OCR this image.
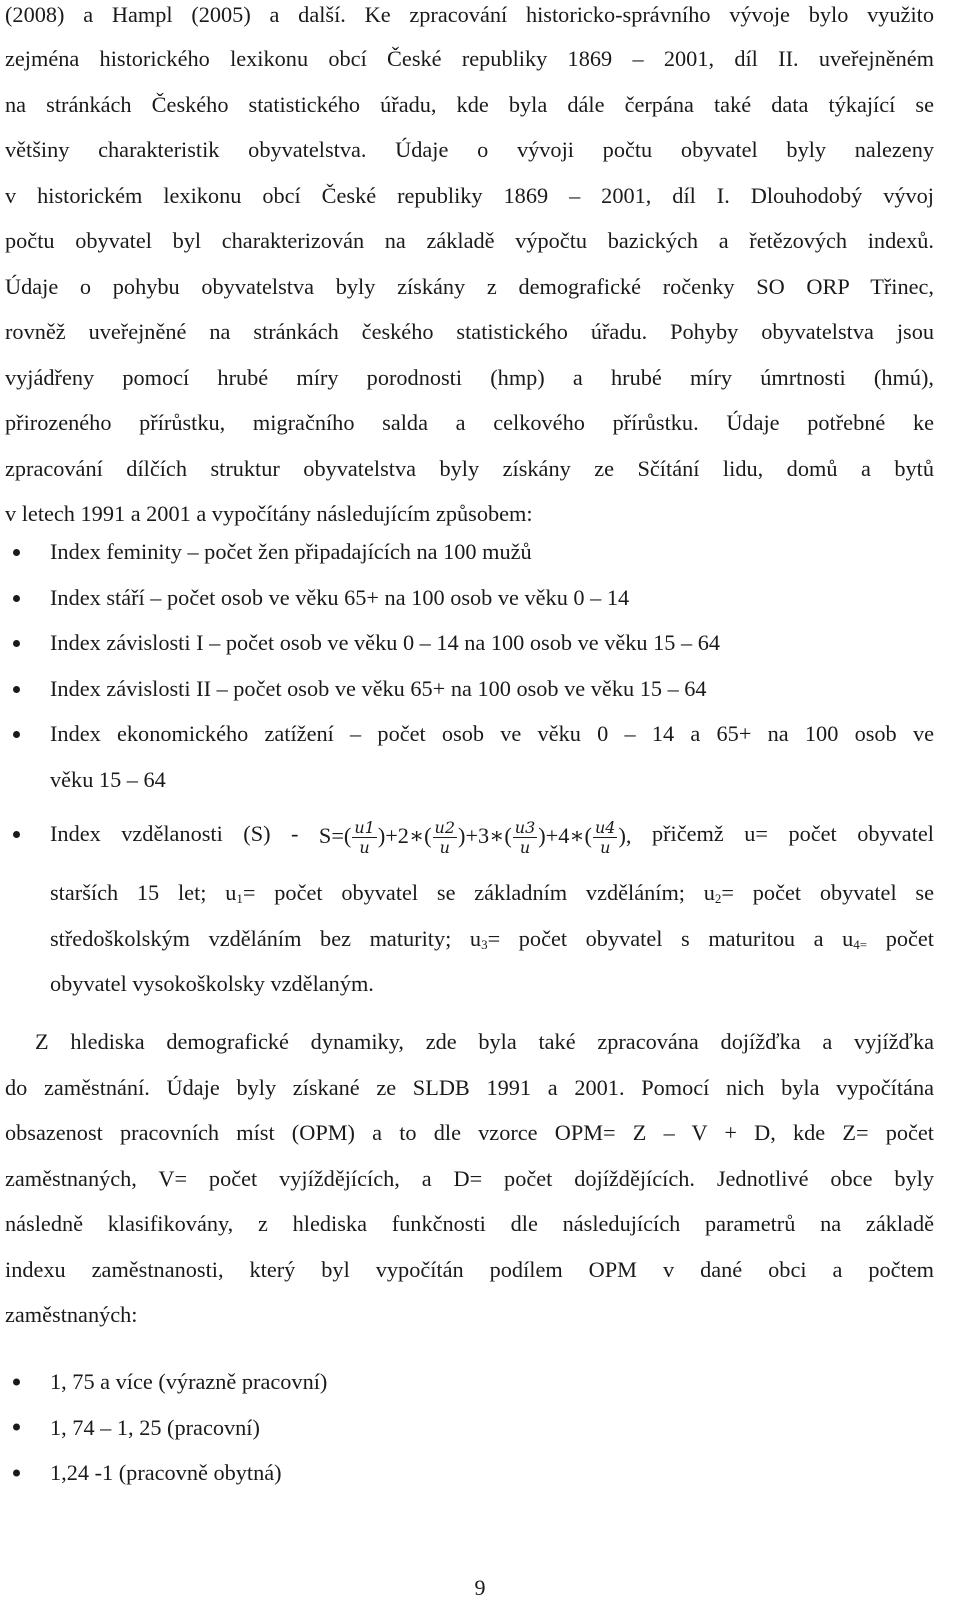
(2008) a Hampl (2005) a další. Ke zpracování historicko-správního vývoje bylo využito
zejména historického lexikonu obcí České republiky 1869 – 2001, díl II. uveřejněném
na stránkách Českého statistického úřadu, kde byla dále čerpána také data týkající se
většiny charakteristik obyvatelstva. Údaje o vývoji počtu obyvatel byly nalezeny
v historickém lexikonu obcí České republiky 1869 – 2001, díl I. Dlouhodobý vývoj
počtu obyvatel byl charakterizován na základě výpočtu bazických a řetězových indexů.
Údaje o pohybu obyvatelstva byly získány z demografické ročenky SO ORP Třinec,
rovněž uveřejněné na stránkách českého statistického úřadu. Pohyby obyvatelstva jsou
vyjádřeny pomocí hrubé míry porodnosti (hmp) a hrubé míry úmrtnosti (hmú),
přirozeného přírůstku, migračního salda a celkového přírůstku. Údaje potřebné ke
zpracování dílčích struktur obyvatelstva byly získány ze Sčítání lidu, domů a bytů
v letech 1991 a 2001 a vypočítány následujícím způsobem:
Index feminity – počet žen připadajících na 100 mužů
Index stáří – počet osob ve věku 65+ na 100 osob ve věku 0 – 14
Index závislosti I – počet osob ve věku 0 – 14 na 100 osob ve věku 15 – 64
Index závislosti II – počet osob ve věku 65+ na 100 osob ve věku 15 – 64
Index ekonomického zatížení – počet osob ve věku 0 – 14 a 65+ na 100 osob ve
věku 15 – 64
Index vzdělanosti $(S) - S=( \frac{u1}{u}$ )+2∗( $\frac{u2}{u}$ )+3∗( $\frac{u3}{u}$ )+4∗( $\frac{u4}{u}$ ), přičemž u= počet obyvatel
starších 15 let; $u_1=$ počet obyvatel se základním vzděláním; $u_2=$ počet obyvatel se
středoškolským vzděláním bez maturity; $u_3=$ počet obyvatel s maturitou a $u_{4=}$ počet
obyvatel vysokoškolsky vzdělaným.
Z hlediska demografické dynamiky, zde byla také zpracována dojížďka a vyjížďka
do zaměstnání. Údaje byly získané ze SLDB 1991 a 2001. Pomocí nich byla vypočítána
obsazenost pracovních míst (OPM) a to dle vzorce OPM= Z – V + D, kde Z= počet
zaměstnaných, V= počet vyjíždějících, a D= počet dojíždějících. Jednotlivé obce byly
následně klasifikovány, z hlediska funkčnosti dle následujících parametrů na základě
indexu zaměstnanosti, který byl vypočítán podílem OPM v dané obci a počtem
zaměstnaných:
1, 75 a více (výrazně pracovní)
1, 74 – 1, 25 (pracovní)
1,24 -1 (pracovně obytná)
9
